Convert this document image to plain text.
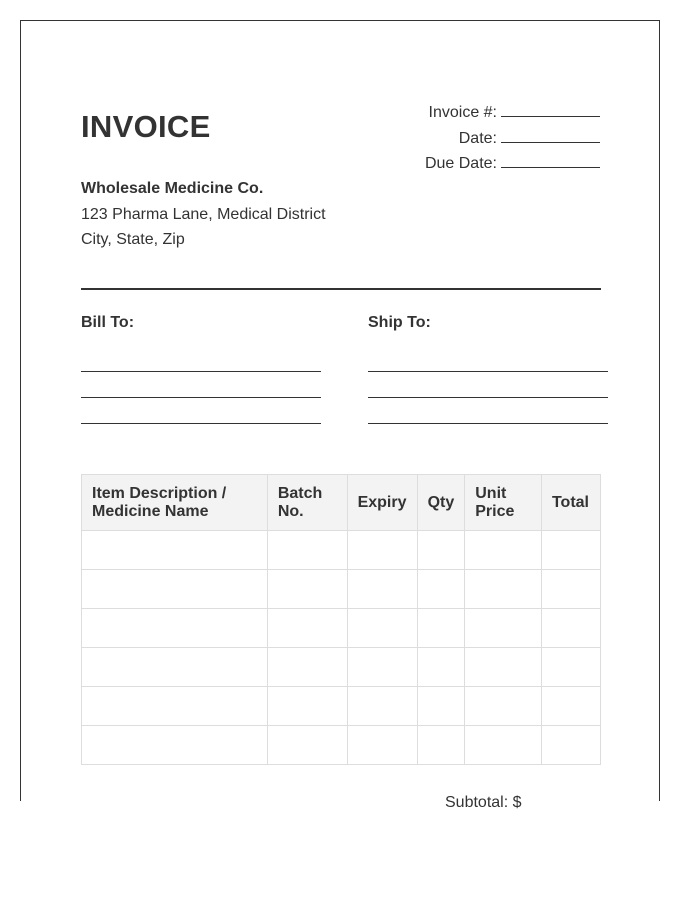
INVOICE	Invoice #:
Date:
Due Date:
Wholesale Medicine Co.
123 Pharma Lane, Medical District
City, State, Zip
Bill To:	Ship To:
Item Description / Medicine Name	Batch No.	Expiry	Qty	Unit Price	Total

Subtotal: $
